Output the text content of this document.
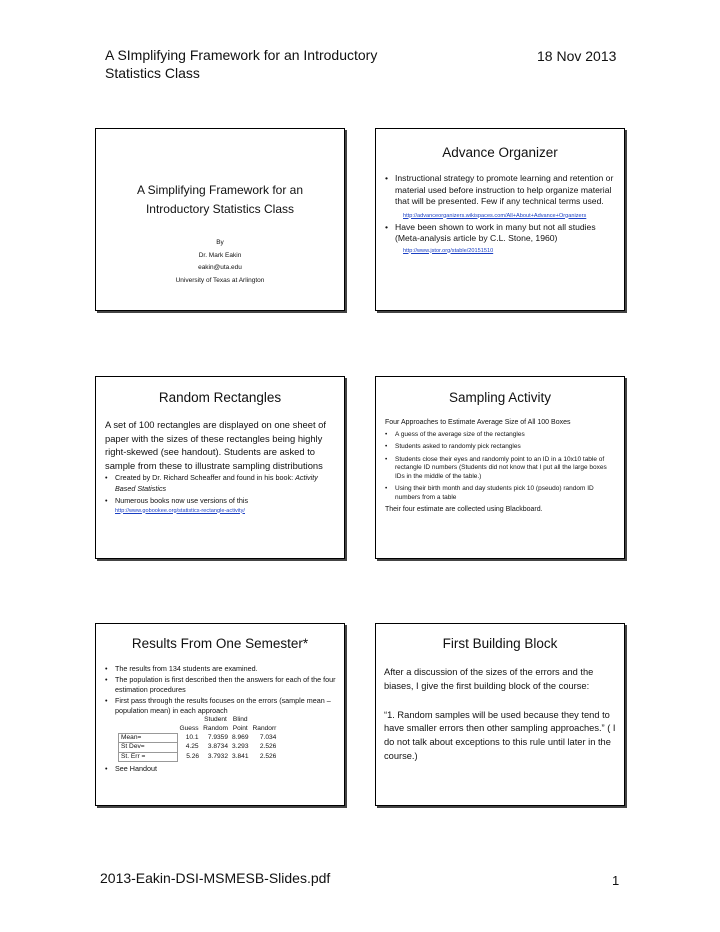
A SImplifying Framework for an Introductory Statistics Class
18 Nov 2013
A Simplifying Framework for an Introductory Statistics Class
By
Dr. Mark Eakin
eakin@uta.edu
University of Texas at Arlington
Advance Organizer
• Instructional strategy to promote learning and retention or material used before instruction to help organize material that will be presented. Few if any technical terms used.
http://advanceorganizers.wikispaces.com/All+About+Advance+Organizers
• Have been shown to work in many but not all studies (Meta-analysis article by C.L. Stone, 1960)
http://www.jstor.org/stable/20151510
Random Rectangles
A set of 100 rectangles are displayed on one sheet of paper with the sizes of these rectangles being highly right-skewed (see handout). Students are asked to sample from these to illustrate sampling distributions
• Created by Dr. Richard Scheaffer and found in his book: Activity Based Statistics
• Numerous books now use versions of this
http://www.gobookee.org/statistics-rectangle-activity/
Sampling Activity
Four Approaches to Estimate Average Size of All 100 Boxes
• A guess of the average size of the rectangles
• Students asked to randomly pick rectangles
• Students close their eyes and randomly point to an ID in a 10x10 table of rectangle ID numbers (Students did not know that I put all the large boxes IDs in the middle of the table.)
• Using their birth month and day students pick 10 (pseudo) random ID numbers from a table
Their four estimate are collected using Blackboard.
Results From One Semester*
• The results from 134 students are examined.
• The population is first described then the answers for each of the four estimation procedures
• First pass through the results focuses on the errors (sample mean – population mean) in each approach
		Student	Blind	
	Guess	Random	Point	Randorr
Mean=	10.1	7.9359	8.969	7.034
St Dev=	4.25	3.8734	3.293	2.526
St. Err =	5.26	3.7932	3.841	2.526
• See Handout
First Building Block
After a discussion of the sizes of the errors and the biases, I give the first building block of the course:
“1. Random samples will be used because they tend to have smaller errors then other sampling approaches.” ( I do not talk about exceptions to this rule until later in the course.)
2013-Eakin-DSI-MSMESB-Slides.pdf	1
